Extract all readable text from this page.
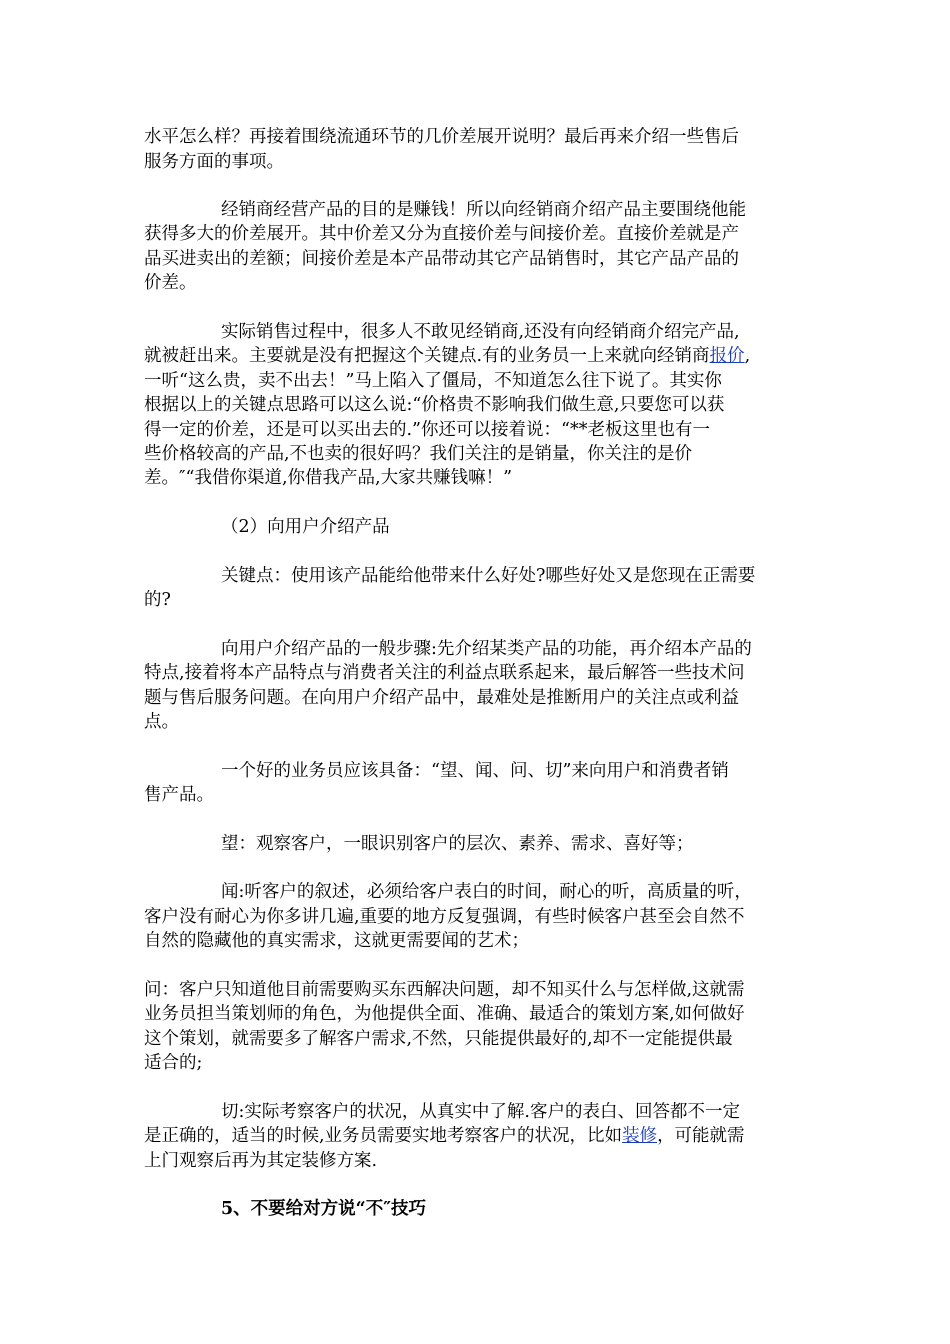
水平怎么样？再接着围绕流通环节的几价差展开说明？最后再来介绍一些售后
服务方面的事项。
经销商经营产品的目的是赚钱！所以向经销商介绍产品主要围绕他能
获得多大的价差展开。其中价差又分为直接价差与间接价差。直接价差就是产
品买进卖出的差额；间接价差是本产品带动其它产品销售时，其它产品产品的
价差。
实际销售过程中，很多人不敢见经销商,还没有向经销商介绍完产品,
就被赶出来。主要就是没有把握这个关键点.有的业务员一上来就向经销商报价,
一听“这么贵，卖不出去！”马上陷入了僵局，不知道怎么往下说了。其实你
根据以上的关键点思路可以这么说:“价格贵不影响我们做生意,只要您可以获
得一定的价差，还是可以买出去的.”你还可以接着说：“**老板这里也有一
些价格较高的产品,不也卖的很好吗？我们关注的是销量，你关注的是价
差。″“我借你渠道,你借我产品,大家共赚钱嘛！”
（2）向用户介绍产品
关键点：使用该产品能给他带来什么好处?哪些好处又是您现在正需要
的?
向用户介绍产品的一般步骤:先介绍某类产品的功能，再介绍本产品的
特点,接着将本产品特点与消费者关注的利益点联系起来，最后解答一些技术问
题与售后服务问题。在向用户介绍产品中，最难处是推断用户的关注点或利益
点。
一个好的业务员应该具备：“望、闻、问、切”来向用户和消费者销
售产品。
望：观察客户，一眼识别客户的层次、素养、需求、喜好等；
闻:听客户的叙述，必须给客户表白的时间，耐心的听，高质量的听，
客户没有耐心为你多讲几遍,重要的地方反复强调，有些时候客户甚至会自然不
自然的隐藏他的真实需求，这就更需要闻的艺术；
问：客户只知道他目前需要购买东西解决问题，却不知买什么与怎样做,这就需
业务员担当策划师的角色，为他提供全面、准确、最适合的策划方案,如何做好
这个策划，就需要多了解客户需求,不然，只能提供最好的,却不一定能提供最
适合的;
切:实际考察客户的状况，从真实中了解.客户的表白、回答都不一定
是正确的，适当的时候,业务员需要实地考察客户的状况，比如装修，可能就需
上门观察后再为其定装修方案.
5、不要给对方说“不″技巧
